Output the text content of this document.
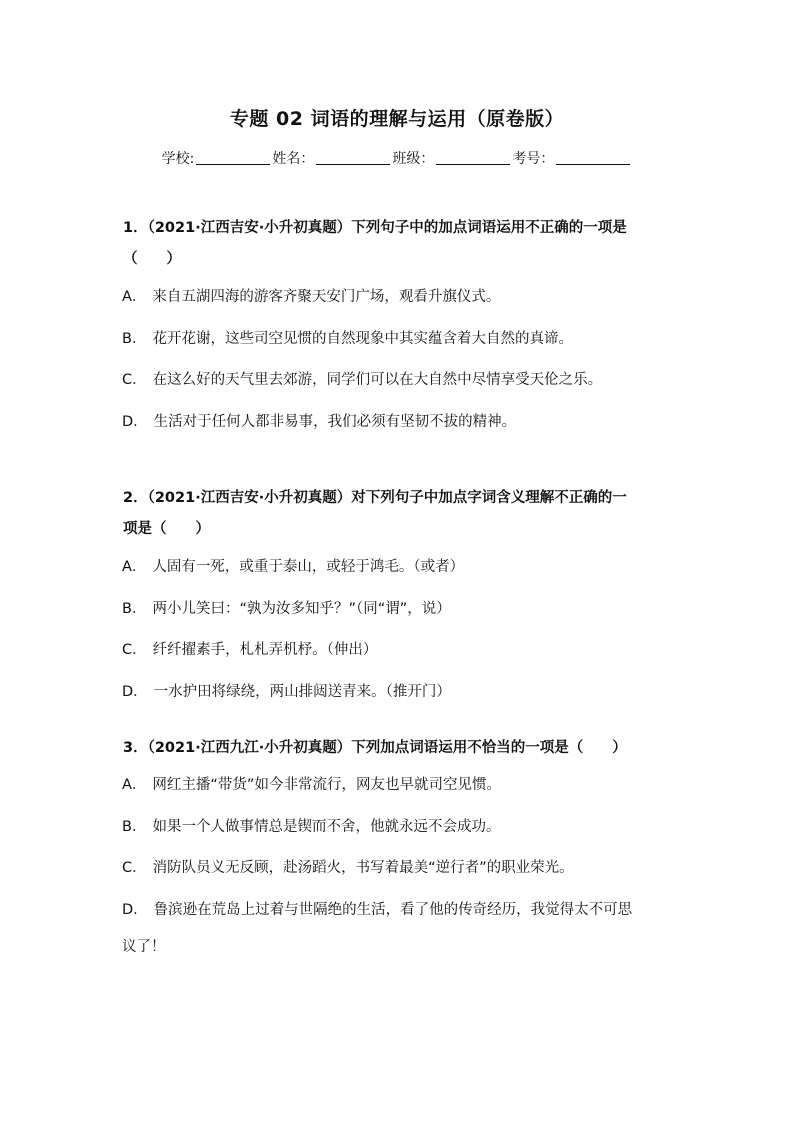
专题 02 词语的理解与运用（原卷版）
学校:	姓名：	班级：	考号：
1．（2021·江西吉安·小升初真题）下列句子中的加点词语运用不正确的一项是
（　　）
A． 来自五湖四海的游客齐聚天安门广场，观看升旗仪式。
B． 花开花谢，这些司空见惯的自然现象中其实蕴含着大自然的真谛。
C． 在这么好的天气里去郊游，同学们可以在大自然中尽情享受天伦之乐。
D． 生活对于任何人都非易事，我们必须有坚韧不拔的精神。
2．（2021·江西吉安·小升初真题）对下列句子中加点字词含义理解不正确的一
项是（　　）
A． 人固有一死，或重于泰山，或轻于鸿毛。（或者）
B． 两小儿笑曰：“孰为汝多知乎？”（同“谓”，说）
C． 纤纤擢素手，札札弄机杼。（伸出）
D． 一水护田将绿绕，两山排闼送青来。（推开门）
3．（2021·江西九江·小升初真题）下列加点词语运用不恰当的一项是（　　）
A． 网红主播“带货”如今非常流行，网友也早就司空见惯。
B． 如果一个人做事情总是锲而不舍，他就永远不会成功。
C． 消防队员义无反顾，赴汤蹈火，书写着最美“逆行者”的职业荣光。
D． 鲁滨逊在荒岛上过着与世隔绝的生活，看了他的传奇经历，我觉得太不可思
议了！
